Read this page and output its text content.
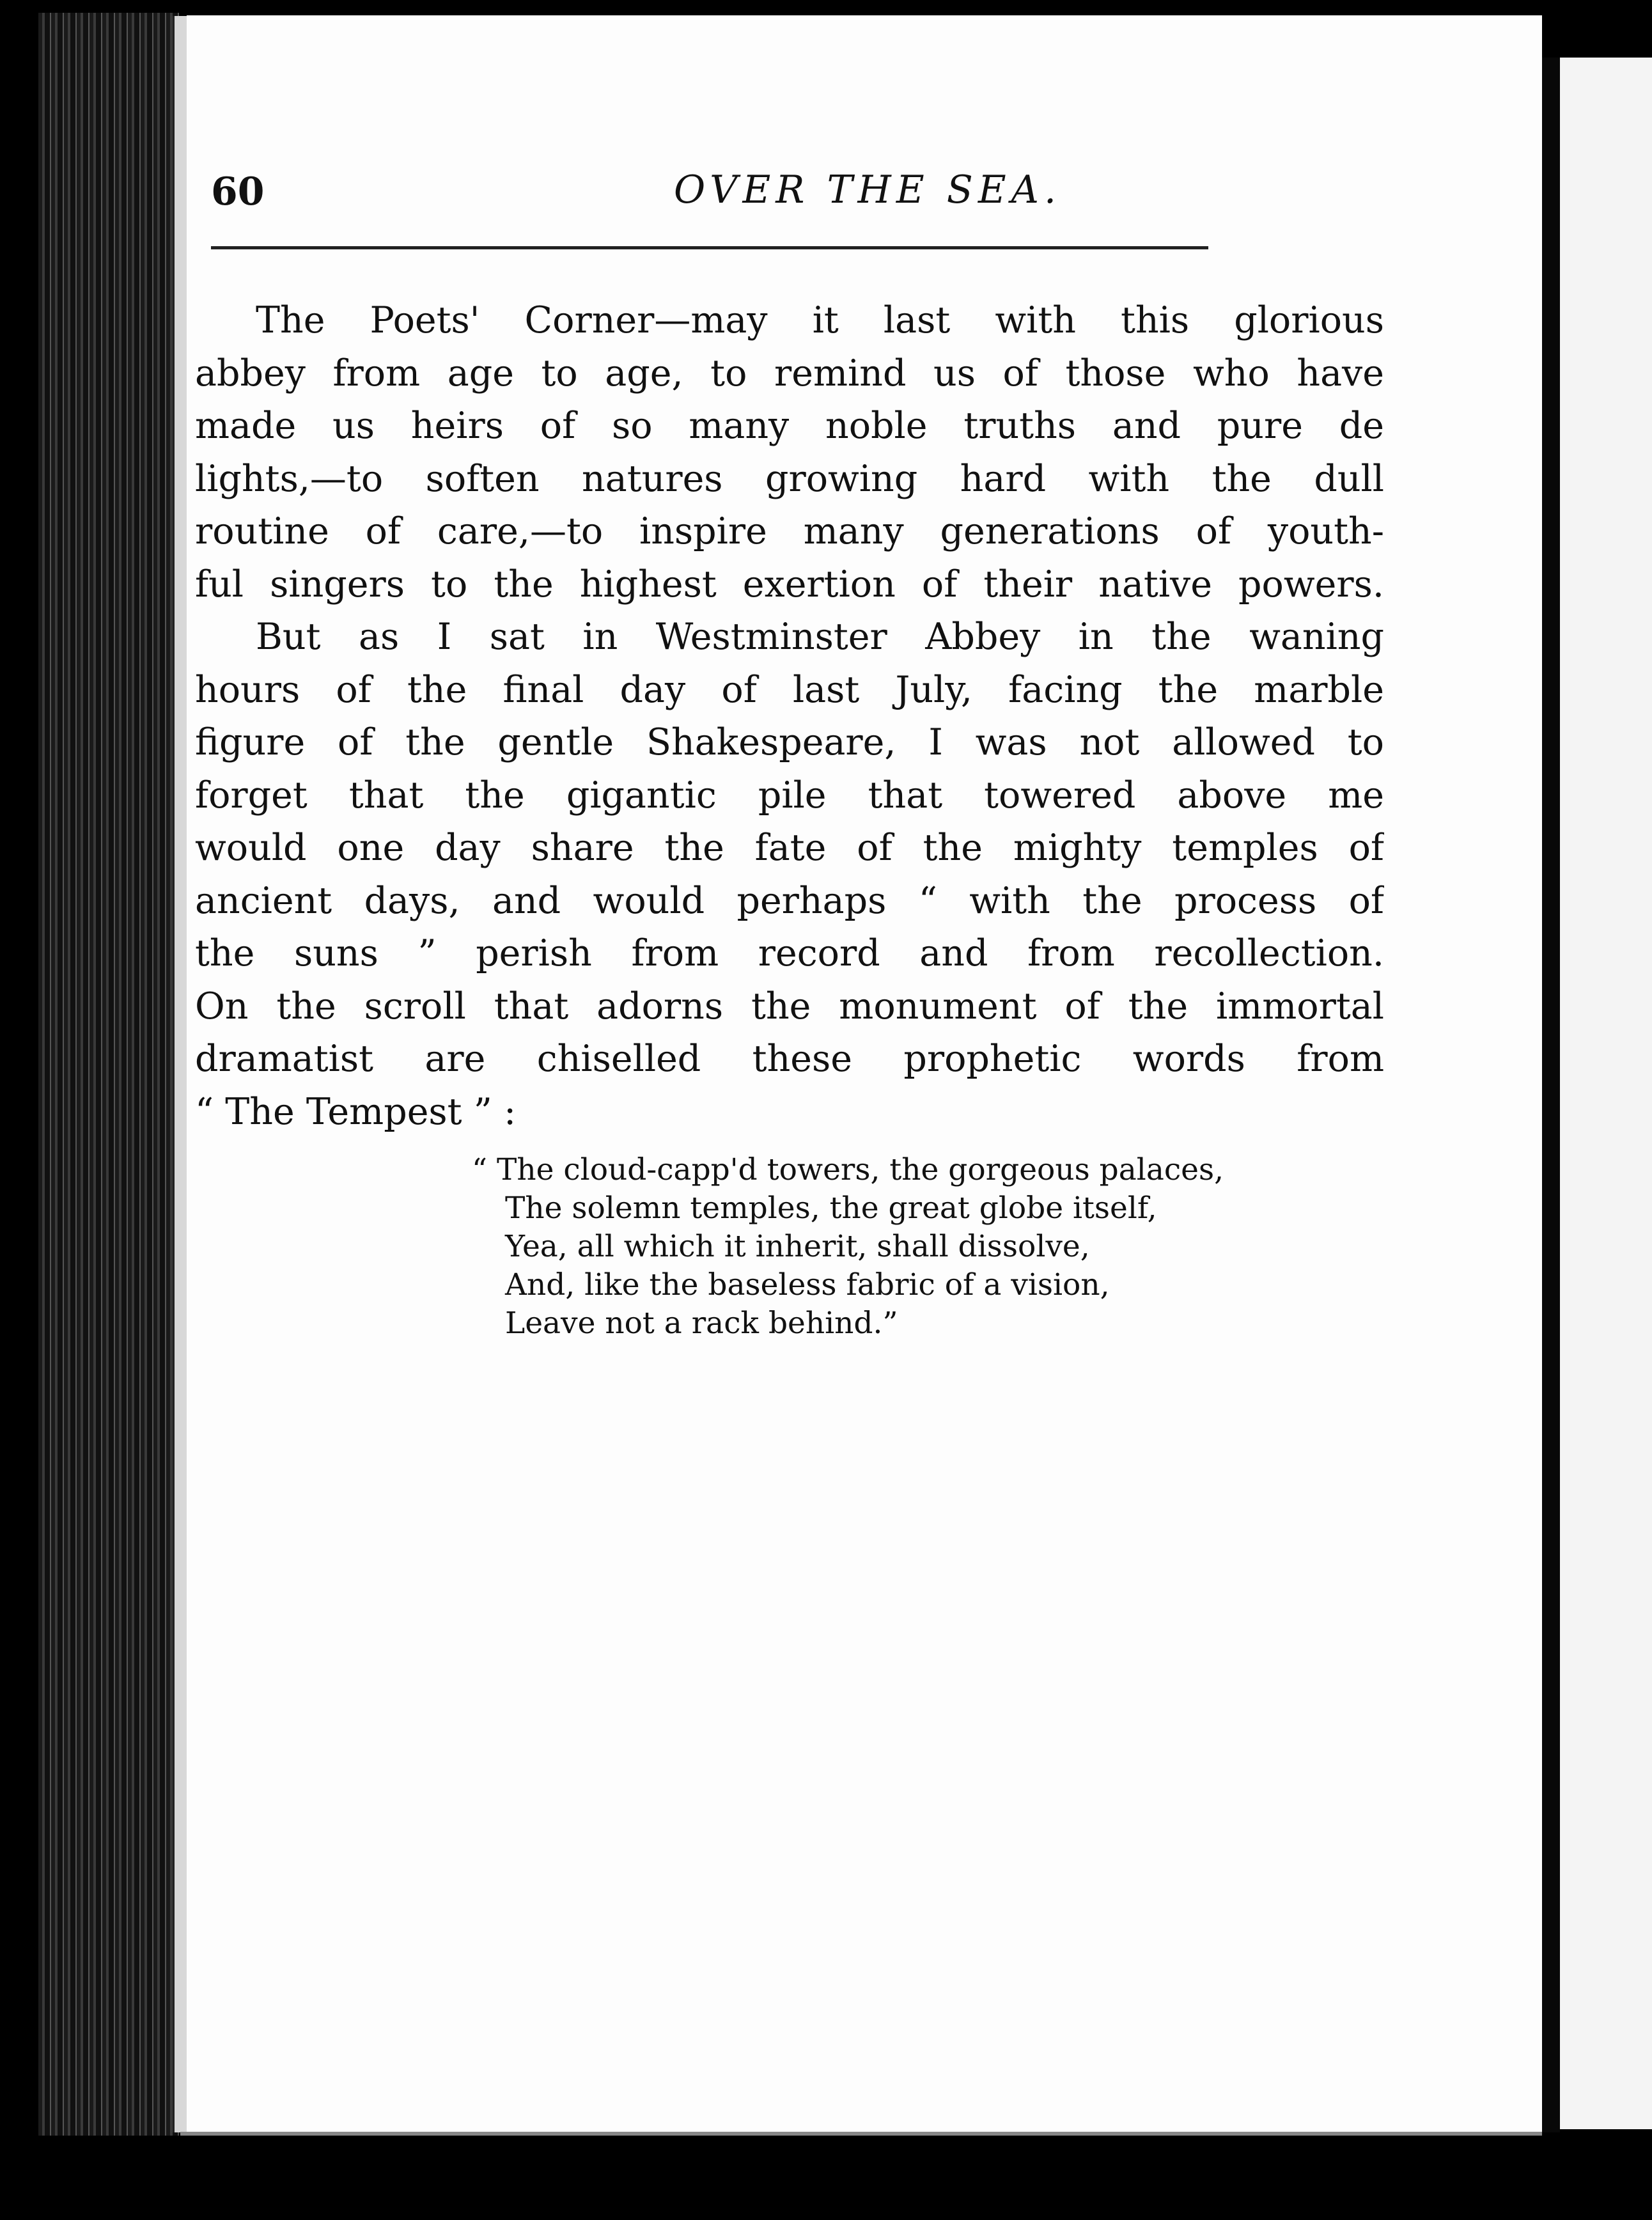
60	OVER THE SEA.
The Poets' Corner—may it last with this glorious
abbey from age to age, to remind us of those who have
made us heirs of so many noble truths and pure de
lights,—to soften natures growing hard with the dull
routine of care,—to inspire many generations of youth-
ful singers to the highest exertion of their native powers.
But as I sat in Westminster Abbey in the waning
hours of the final day of last July, facing the marble
figure of the gentle Shakespeare, I was not allowed to
forget that the gigantic pile that towered above me
would one day share the fate of the mighty temples of
ancient days, and would perhaps “ with the process of
the suns ” perish from record and from recollection.
On the scroll that adorns the monument of the immortal
dramatist are chiselled these prophetic words from
“ The Tempest ” :
“ The cloud-capp'd towers, the gorgeous palaces,
The solemn temples, the great globe itself,
Yea, all which it inherit, shall dissolve,
And, like the baseless fabric of a vision,
Leave not a rack behind.”
